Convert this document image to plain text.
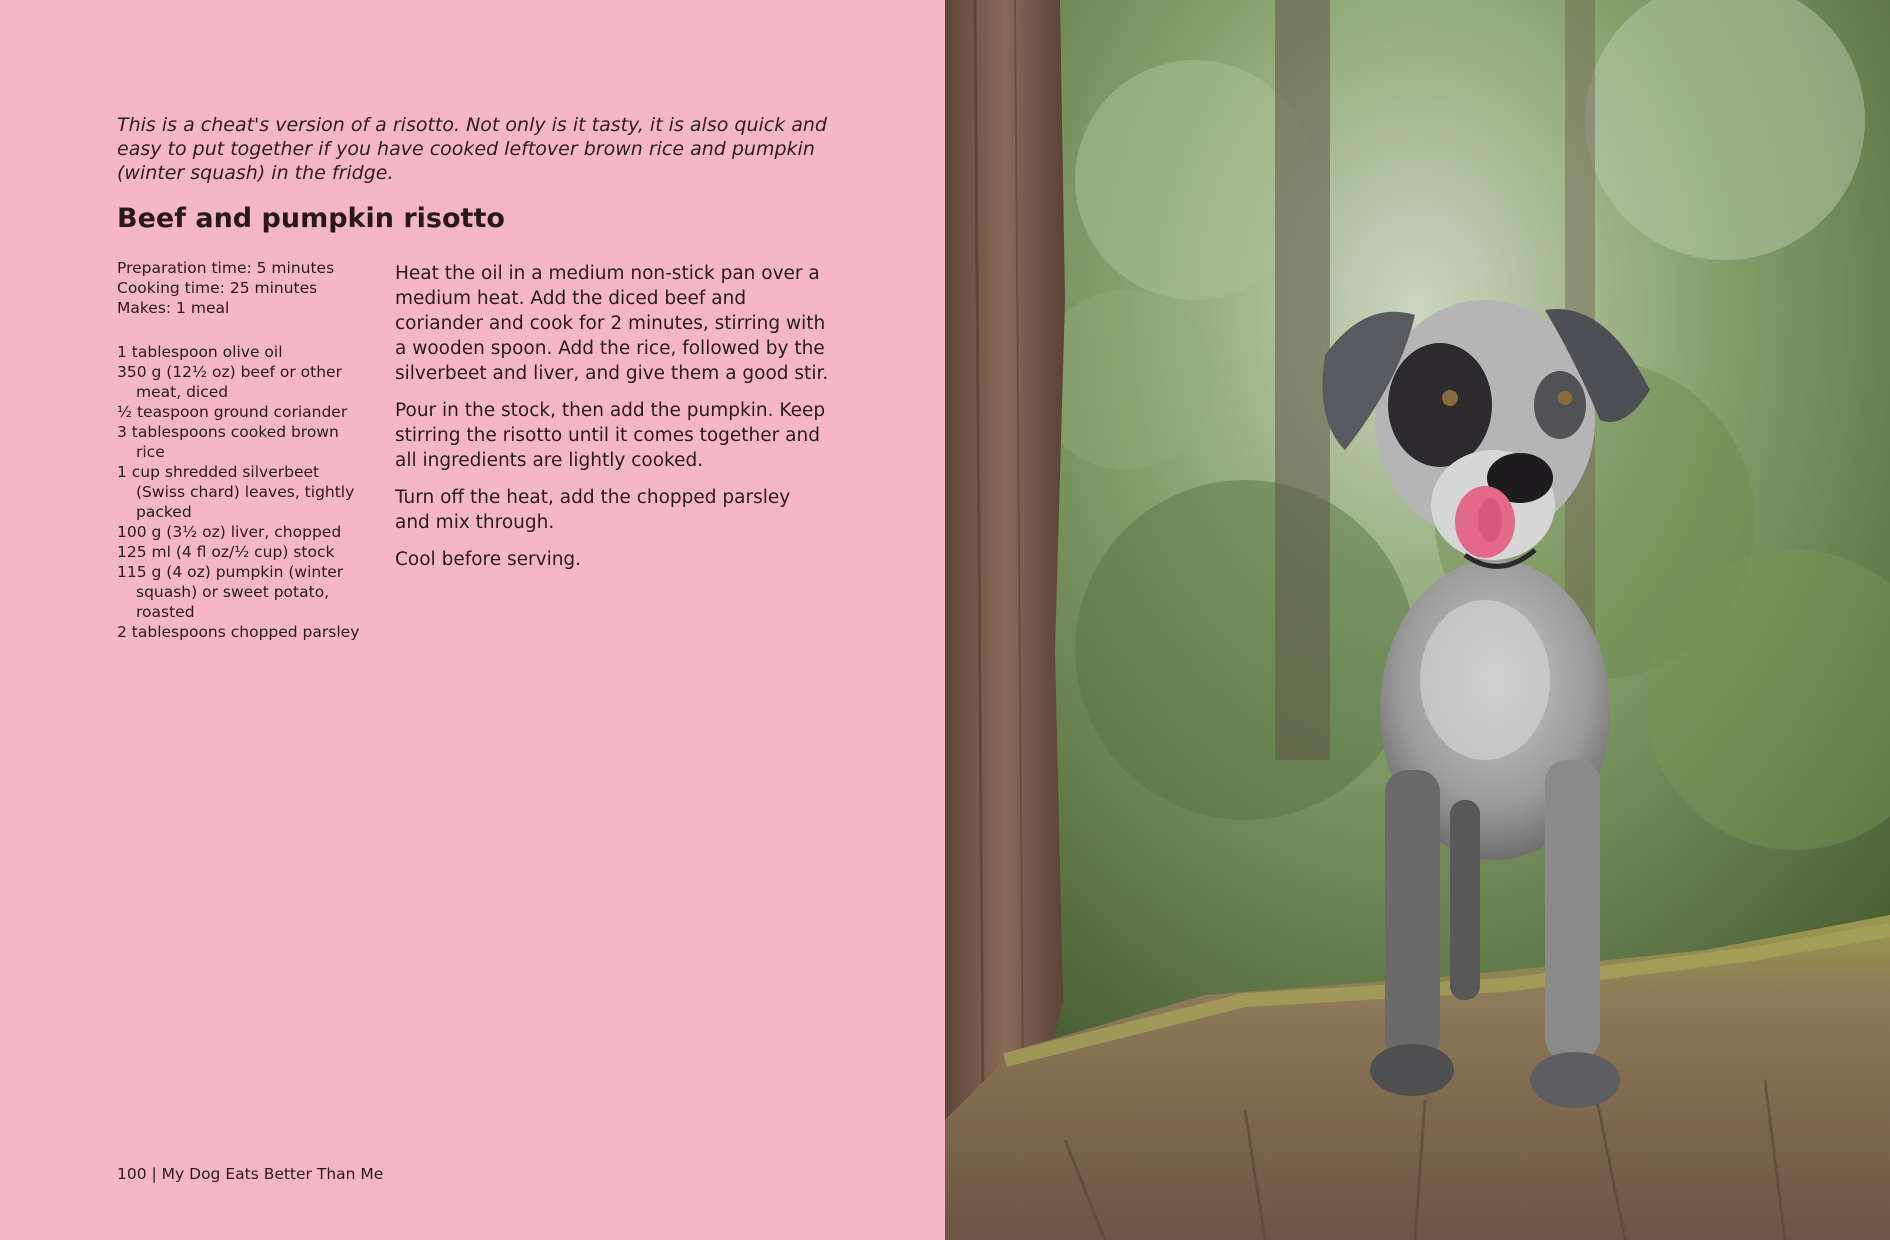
This is a cheat's version of a risotto. Not only is it tasty, it is also quick and easy to put together if you have cooked leftover brown rice and pumpkin (winter squash) in the fridge.

Beef and pumpkin risotto
Preparation time: 5 minutes
Cooking time: 25 minutes
Makes: 1 meal
1 tablespoon olive oil
350 g (12½ oz) beef or other meat, diced
½ teaspoon ground coriander
3 tablespoons cooked brown rice
1 cup shredded silverbeet (Swiss chard) leaves, tightly packed
100 g (3½ oz) liver, chopped
125 ml (4 fl oz/½ cup) stock
115 g (4 oz) pumpkin (winter squash) or sweet potato, roasted
2 tablespoons chopped parsley

Heat the oil in a medium non-stick pan over a medium heat. Add the diced beef and coriander and cook for 2 minutes, stirring with a wooden spoon. Add the rice, followed by the silverbeet and liver, and give them a good stir.

Pour in the stock, then add the pumpkin. Keep stirring the risotto until it comes together and all ingredients are lightly cooked.

Turn off the heat, add the chopped parsley and mix through.

Cool before serving.

100 | My Dog Eats Better Than Me
